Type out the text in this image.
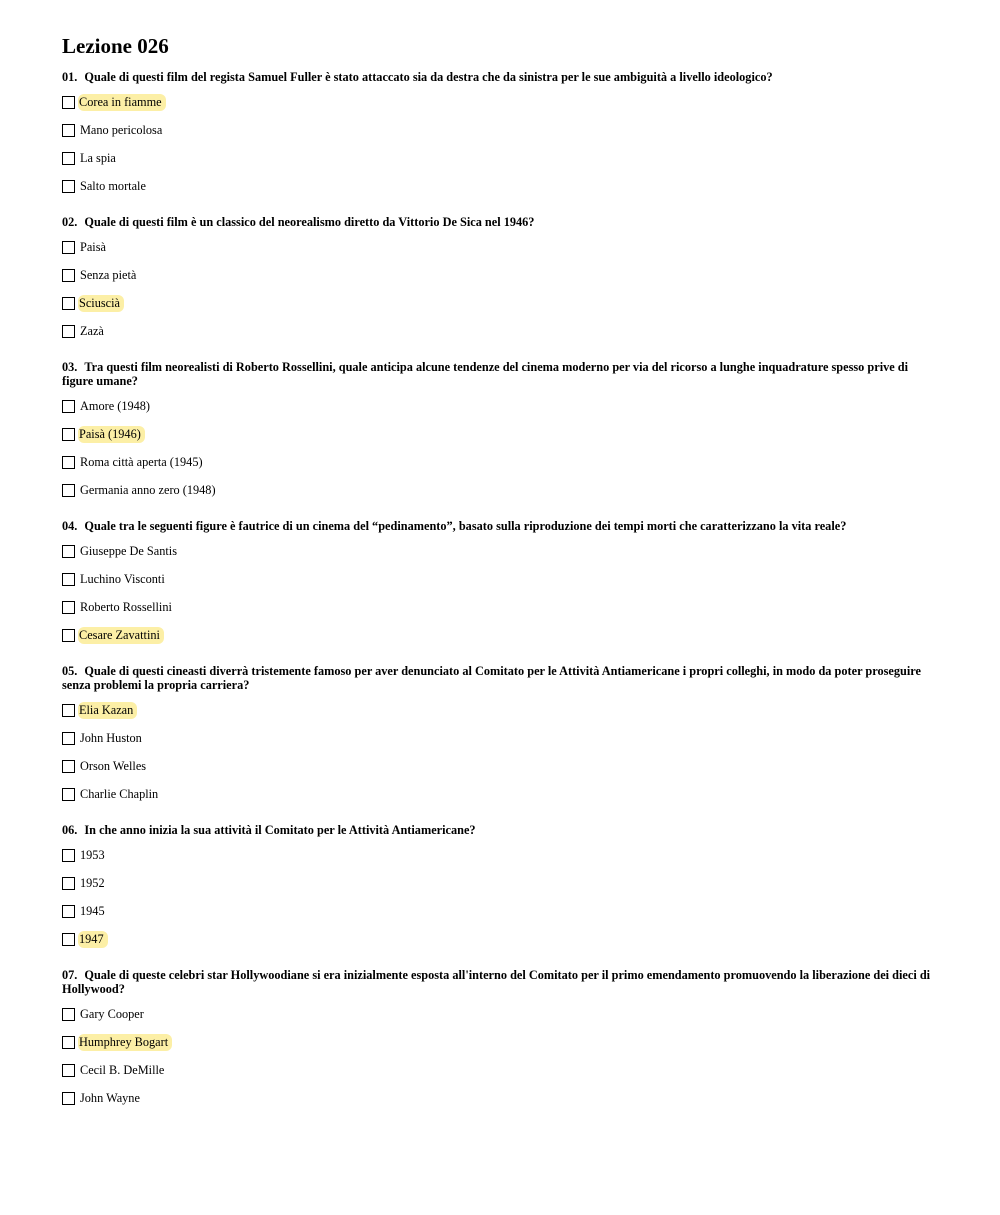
Lezione 026
01. Quale di questi film del regista Samuel Fuller è stato attaccato sia da destra che da sinistra per le sue ambiguità a livello ideologico?
Corea in fiamme
Mano pericolosa
La spia
Salto mortale
02. Quale di questi film è un classico del neorealismo diretto da Vittorio De Sica nel 1946?
Paisà
Senza pietà
Sciuscià
Zazà
03. Tra questi film neorealisti di Roberto Rossellini, quale anticipa alcune tendenze del cinema moderno per via del ricorso a lunghe inquadrature spesso prive di figure umane?
Amore (1948)
Paisà (1946)
Roma città aperta (1945)
Germania anno zero (1948)
04. Quale tra le seguenti figure è fautrice di un cinema del “pedinamento”, basato sulla riproduzione dei tempi morti che caratterizzano la vita reale?
Giuseppe De Santis
Luchino Visconti
Roberto Rossellini
Cesare Zavattini
05. Quale di questi cineasti diverrà tristemente famoso per aver denunciato al Comitato per le Attività Antiamericane i propri colleghi, in modo da poter proseguire senza problemi la propria carriera?
Elia Kazan
John Huston
Orson Welles
Charlie Chaplin
06. In che anno inizia la sua attività il Comitato per le Attività Antiamericane?
1953
1952
1945
1947
07. Quale di queste celebri star Hollywoodiane si era inizialmente esposta all'interno del Comitato per il primo emendamento promuovendo la liberazione dei dieci di Hollywood?
Gary Cooper
Humphrey Bogart
Cecil B. DeMille
John Wayne
